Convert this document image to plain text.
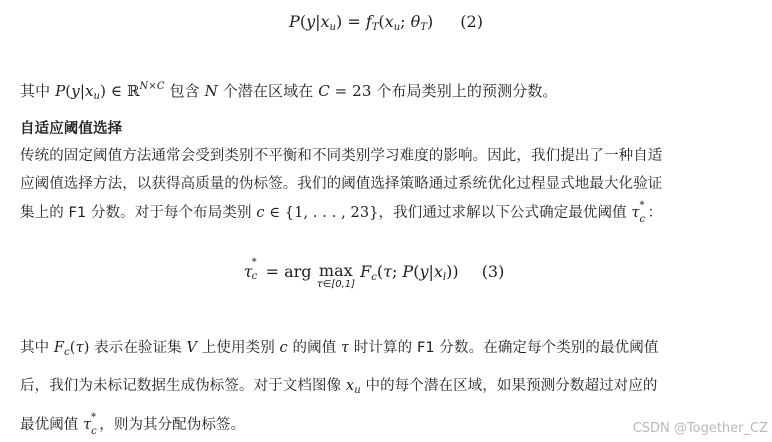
$P(y|x_u) = f_T(x_u$; $\theta_T$) (2)
其中 $P(y|x_u)$ ∈ ℝ$^{N\times C}$ 包含 N 个潜在区域在 C = 23 个布局类别上的预测分数。
自适应阈值选择
传统的固定阈值方法通常会受到类别不平衡和不同类别学习难度的影响。因此，我们提出了一种自适
应阈值选择方法，以获得高质量的伪标签。我们的阈值选择策略通过系统优化过程显式地最大化验证
集上的 F1 分数。对于每个布局类别 c ∈ {1, . . . , 23}，我们通过求解以下公式确定最优阈值 τ *
c ：
τ *
c = arg max
τ∈[0,1]
$F_c(\tau$; $P(y|x_l)$) (3)
其中 $F_c(\tau)$ 表示在验证集 V 上使用类别 c 的阈值 τ 时计算的 F1 分数。在确定每个类别的最优阈值
后，我们为未标记数据生成伪标签。对于文档图像 $x_u$ 中的每个潜在区域，如果预测分数超过对应的
最优阈值 τ *
c ，则为其分配伪标签。	CSDN @Together_CZ
